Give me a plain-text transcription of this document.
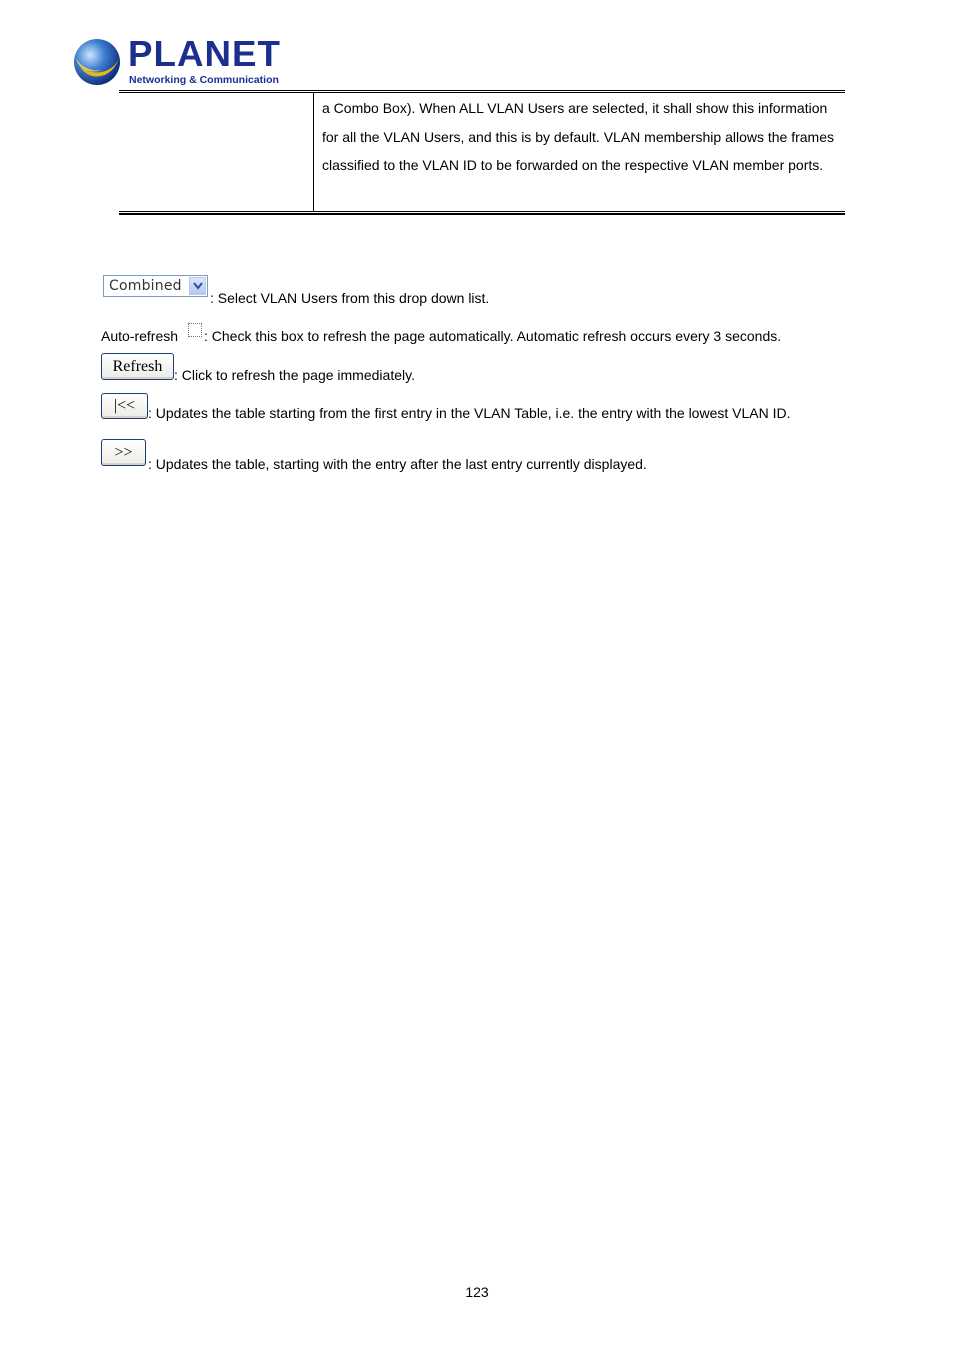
PLANET
Networking & Communication
a Combo Box). When ALL VLAN Users are selected, it shall show this information for all the VLAN Users, and this is by default. VLAN membership allows the frames classified to the VLAN ID to be forwarded on the respective VLAN member ports.
Combined
: Select VLAN Users from this drop down list.
Auto-refresh : Check this box to refresh the page automatically. Automatic refresh occurs every 3 seconds.
Refresh : Click to refresh the page immediately.
|<< : Updates the table starting from the first entry in the VLAN Table, i.e. the entry with the lowest VLAN ID.
>>
: Updates the table, starting with the entry after the last entry currently displayed.
123
